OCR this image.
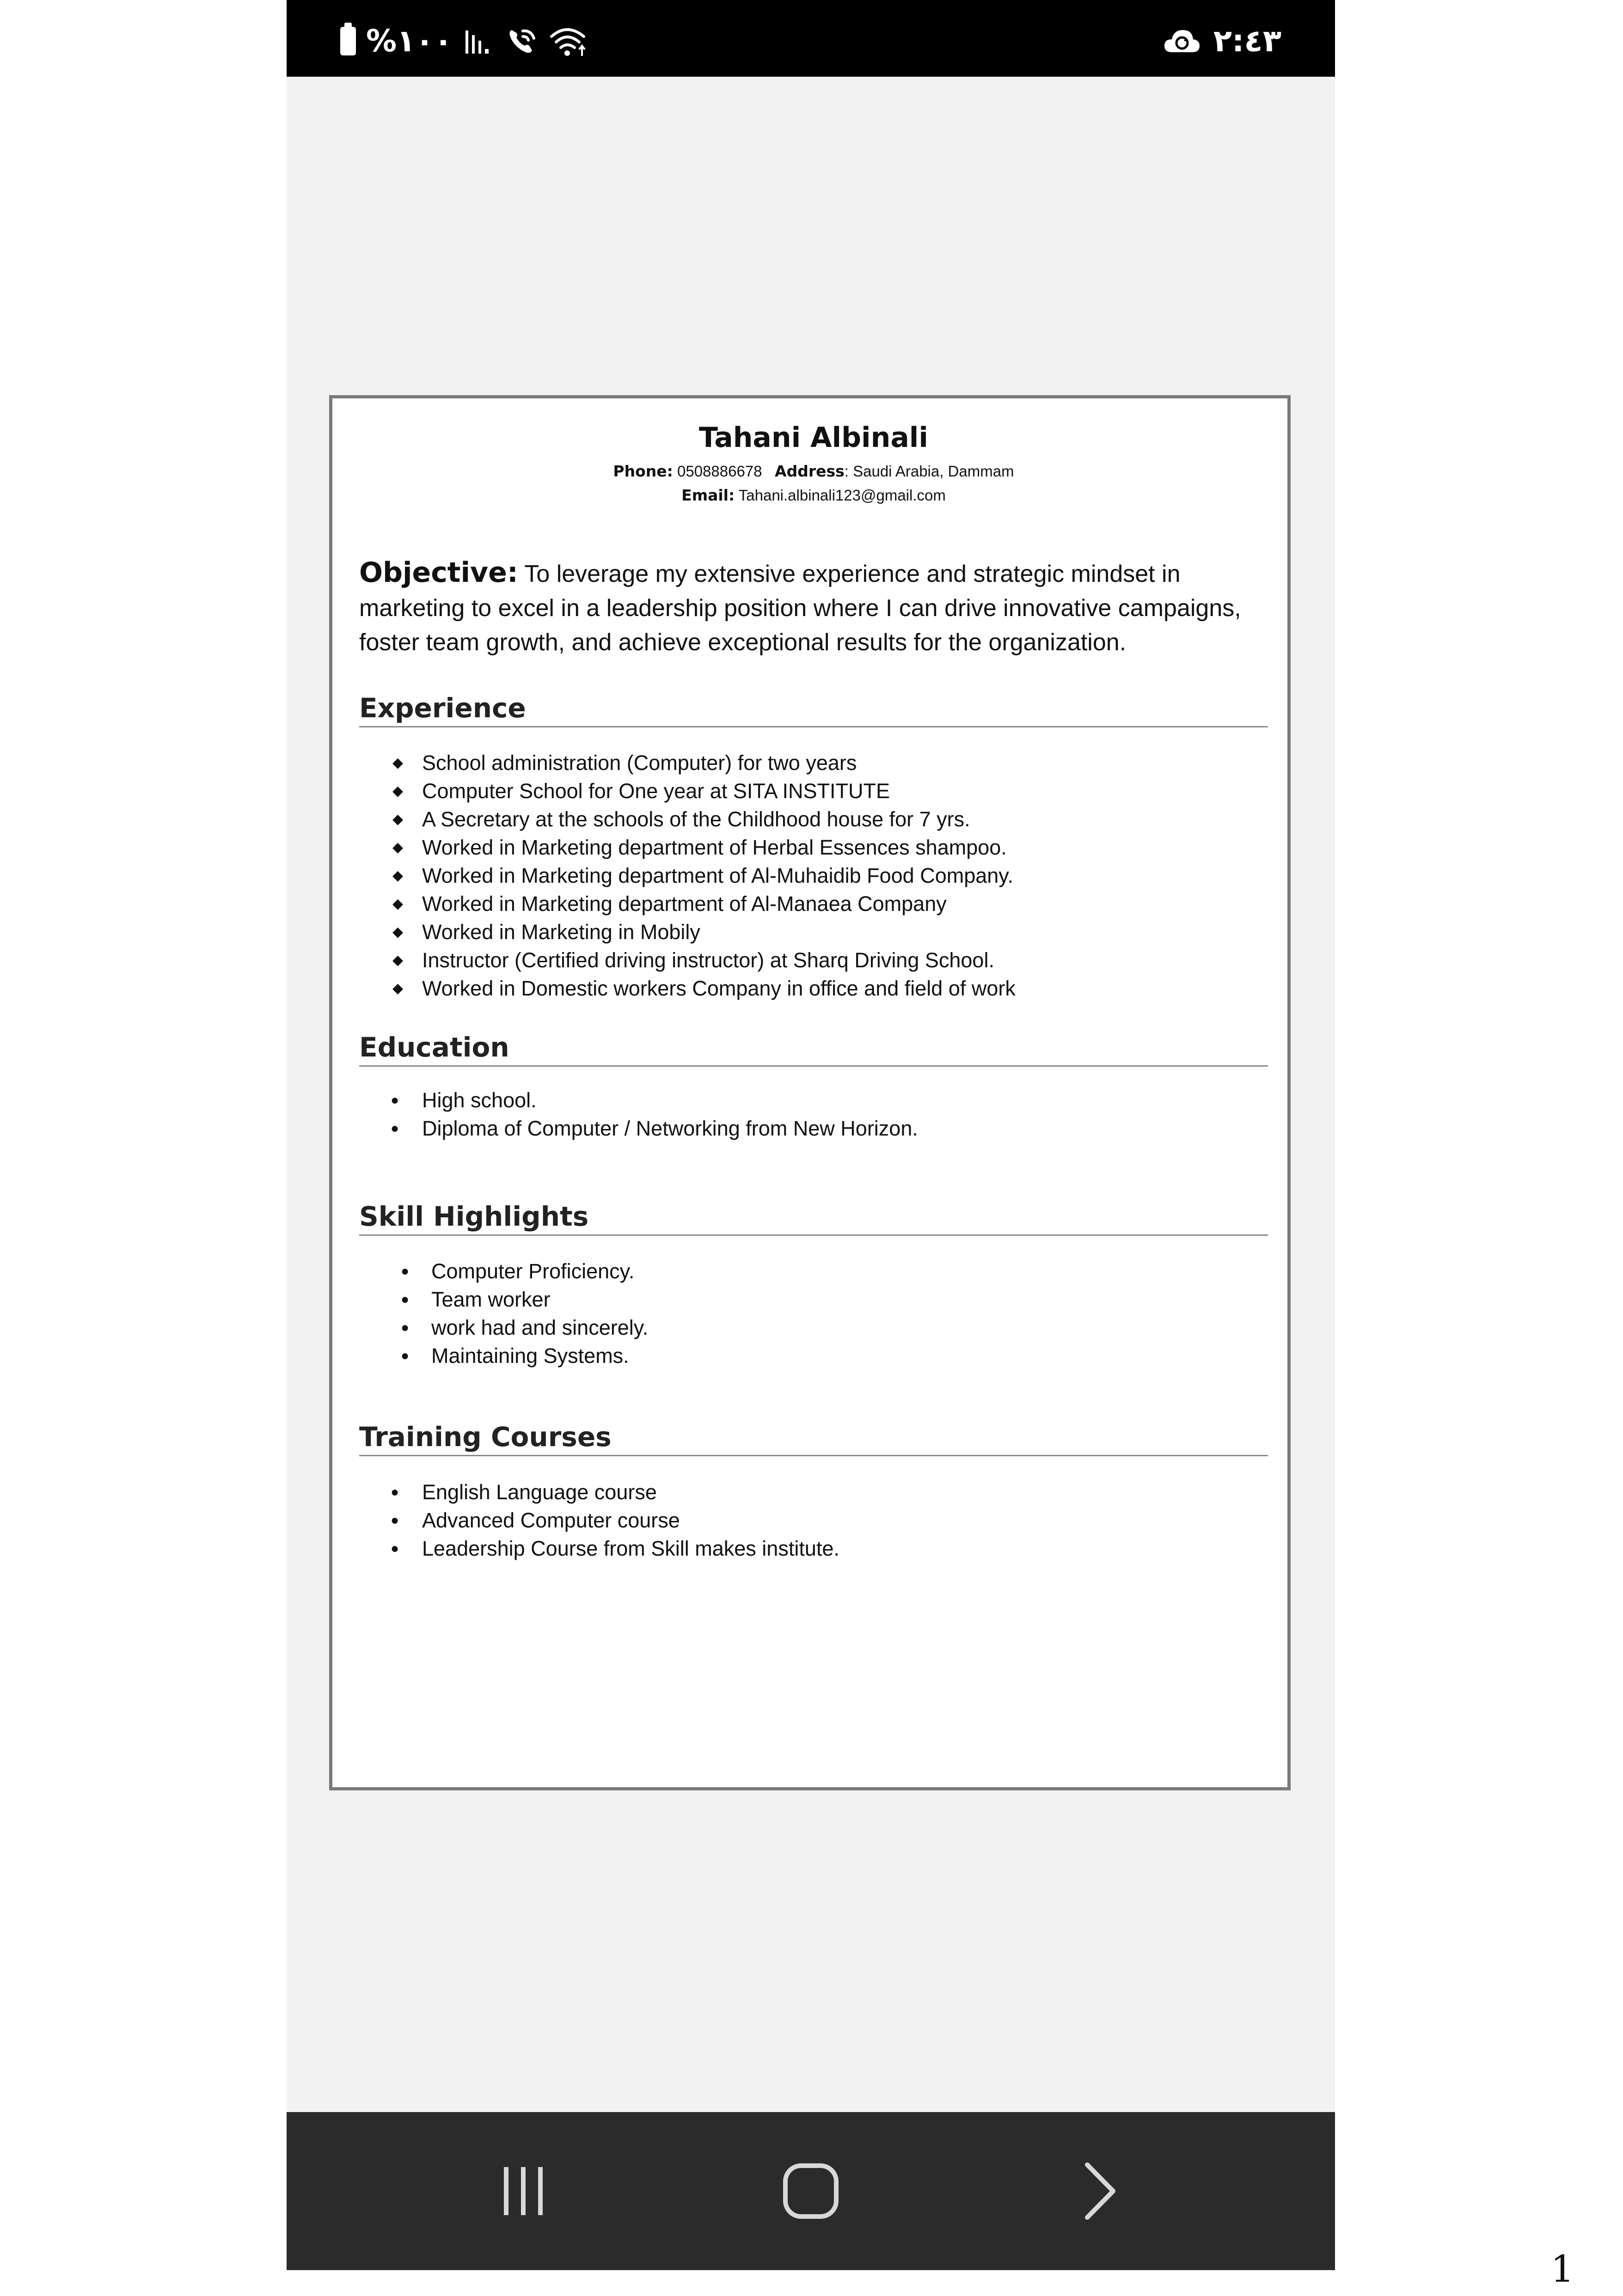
%١٠٠	٢:٤٣
Tahani Albinali
Phone: 0508886678 Address: Saudi Arabia, Dammam
Email: Tahani.albinali123@gmail.com
Objective: To leverage my extensive experience and strategic mindset in marketing to excel in a leadership position where I can drive innovative campaigns, foster team growth, and achieve exceptional results for the organization.
Experience
◆ School administration (Computer) for two years
◆ Computer School for One year at SITA INSTITUTE
◆ A Secretary at the schools of the Childhood house for 7 yrs.
◆ Worked in Marketing department of Herbal Essences shampoo.
◆ Worked in Marketing department of Al-Muhaidib Food Company.
◆ Worked in Marketing department of Al-Manaea Company
◆ Worked in Marketing in Mobily
◆ Instructor (Certified driving instructor) at Sharq Driving School.
◆ Worked in Domestic workers Company in office and field of work
Education
● High school.
● Diploma of Computer / Networking from New Horizon.
Skill Highlights
● Computer Proficiency.
● Team worker
● work had and sincerely.
● Maintaining Systems.
Training Courses
● English Language course
● Advanced Computer course
● Leadership Course from Skill makes institute.
1
